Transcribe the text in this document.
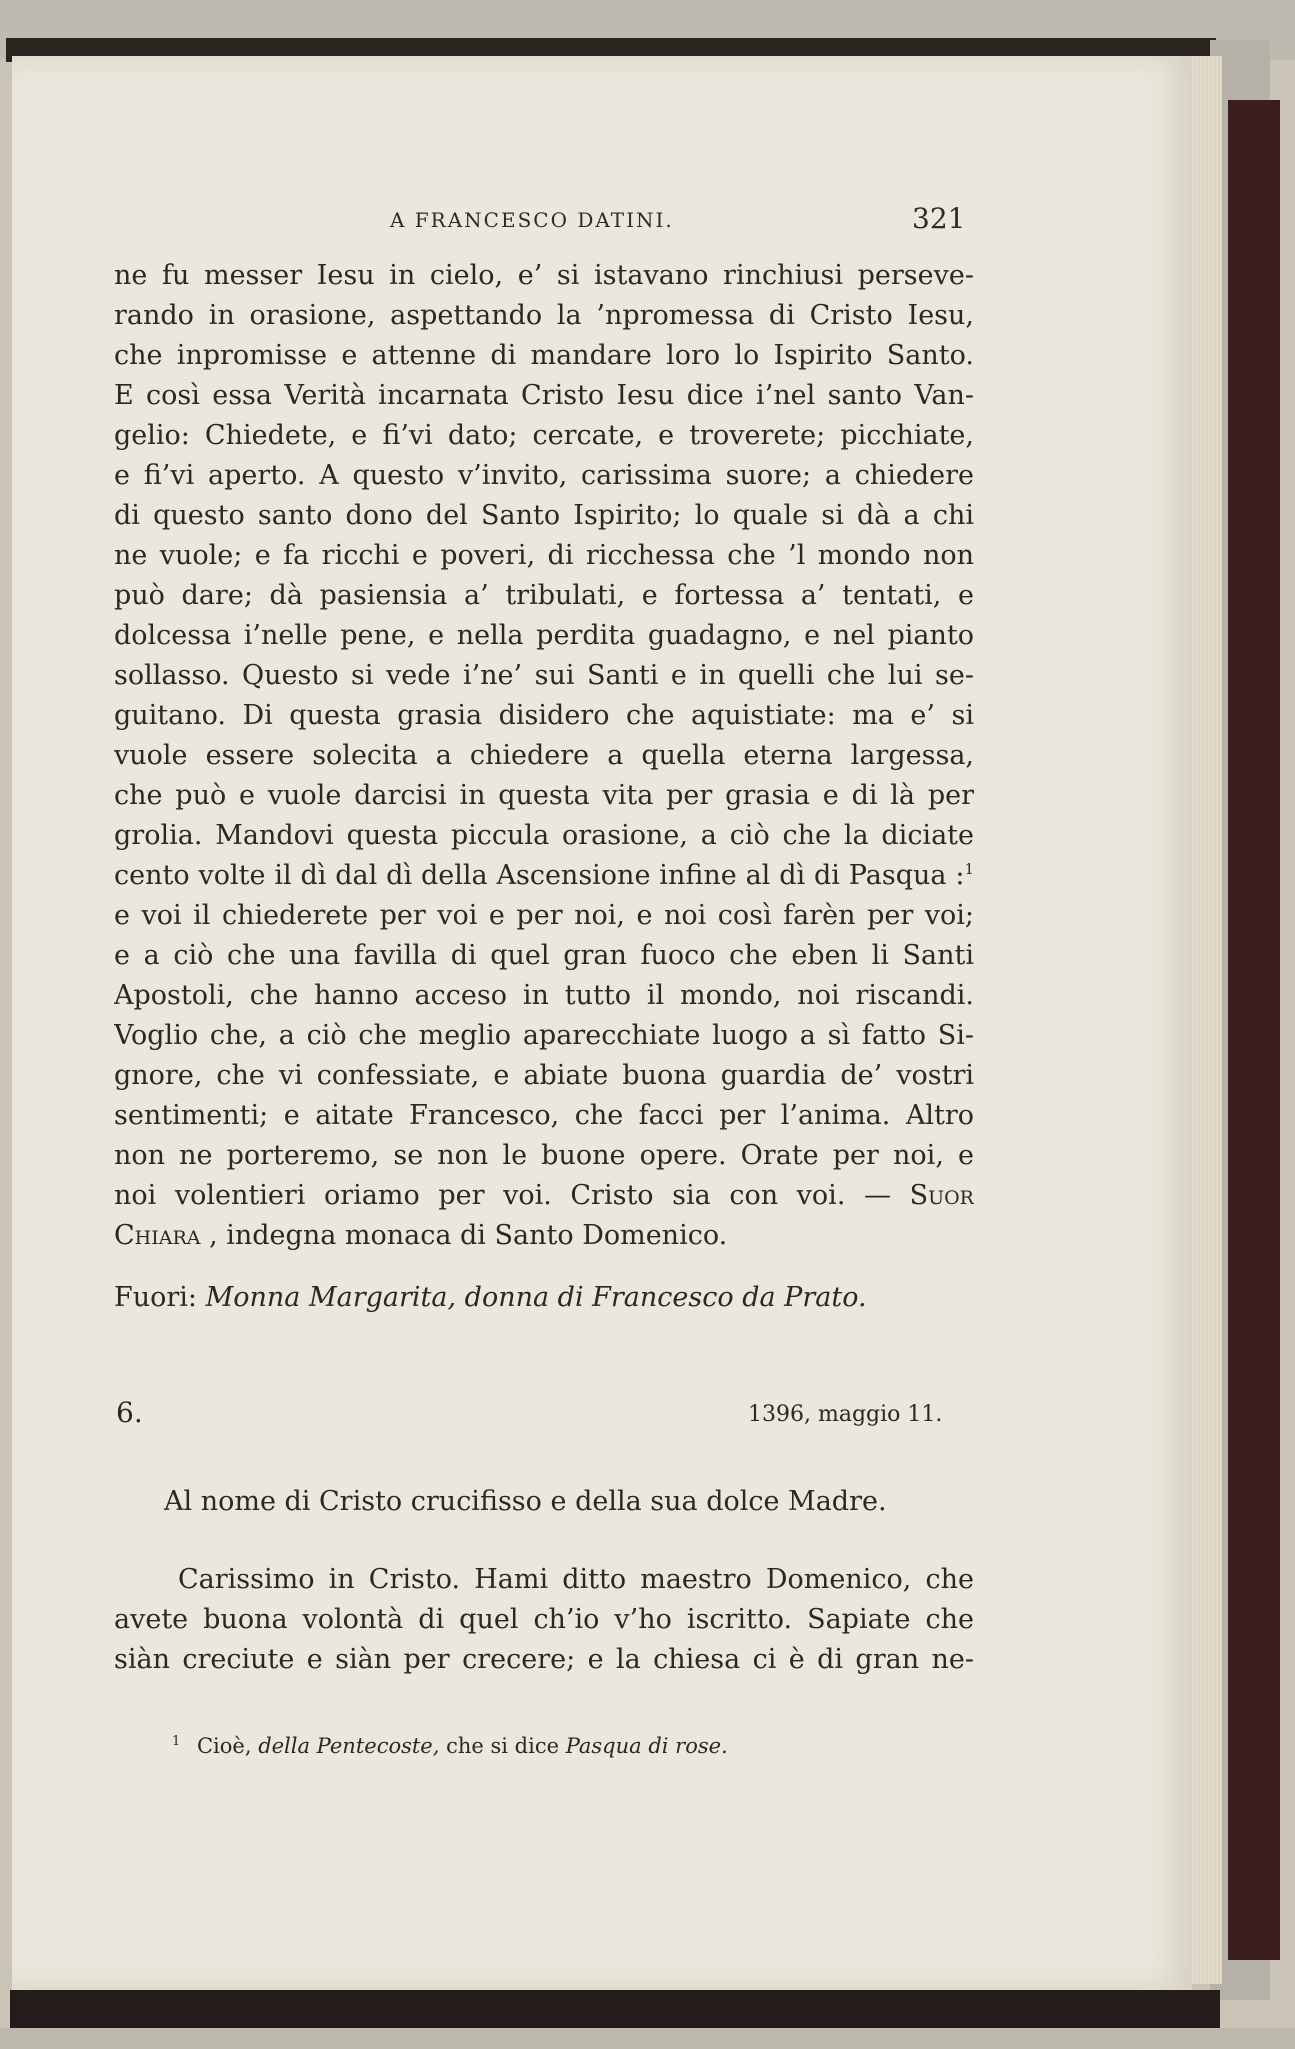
A FRANCESCO DATINI.	321
ne fu messer Iesu in cielo, e’ si istavano rinchiusi perseve-
rando in orasione, aspettando la ’npromessa di Cristo Iesu,
che inpromisse e attenne di mandare loro lo Ispirito Santo.
E così essa Verità incarnata Cristo Iesu dice i’nel santo Van-
gelio: Chiedete, e fi’vi dato; cercate, e troverete; picchiate,
e fi’vi aperto. A questo v’invito, carissima suore; a chiedere
di questo santo dono del Santo Ispirito; lo quale si dà a chi
ne vuole; e fa ricchi e poveri, di ricchessa che ’l mondo non
può dare; dà pasiensia a’ tribulati, e fortessa a’ tentati, e
dolcessa i’nelle pene, e nella perdita guadagno, e nel pianto
sollasso. Questo si vede i’ne’ sui Santi e in quelli che lui se-
guitano. Di questa grasia disidero che aquistiate: ma e’ si
vuole essere solecita a chiedere a quella eterna largessa,
che può e vuole darcisi in questa vita per grasia e di là per
grolia. Mandovi questa piccula orasione, a ciò che la diciate
cento volte il dì dal dì della Ascensione infine al dì di Pasqua :$^1$
e voi il chiederete per voi e per noi, e noi così farèn per voi;
e a ciò che una favilla di quel gran fuoco che eben li Santi
Apostoli, che hanno acceso in tutto il mondo, noi riscandi.
Voglio che, a ciò che meglio aparecchiate luogo a sì fatto Si-
gnore, che vi confessiate, e abiate buona guardia de’ vostri
sentimenti; e aitate Francesco, che facci per l’anima. Altro
non ne porteremo, se non le buone opere. Orate per noi, e
noi volentieri oriamo per voi. Cristo sia con voi. — Suor
Chiara , indegna monaca di Santo Domenico.
Fuori: Monna Margarita, donna di Francesco da Prato.
6.	1396, maggio 11.
Al nome di Cristo crucifisso e della sua dolce Madre.
Carissimo in Cristo. Hami ditto maestro Domenico, che
avete buona volontà di quel ch’io v’ho iscritto. Sapiate che
siàn creciute e siàn per crecere; e la chiesa ci è di gran ne-
$^1$ Cioè, della Pentecoste, che si dice Pasqua di rose.
